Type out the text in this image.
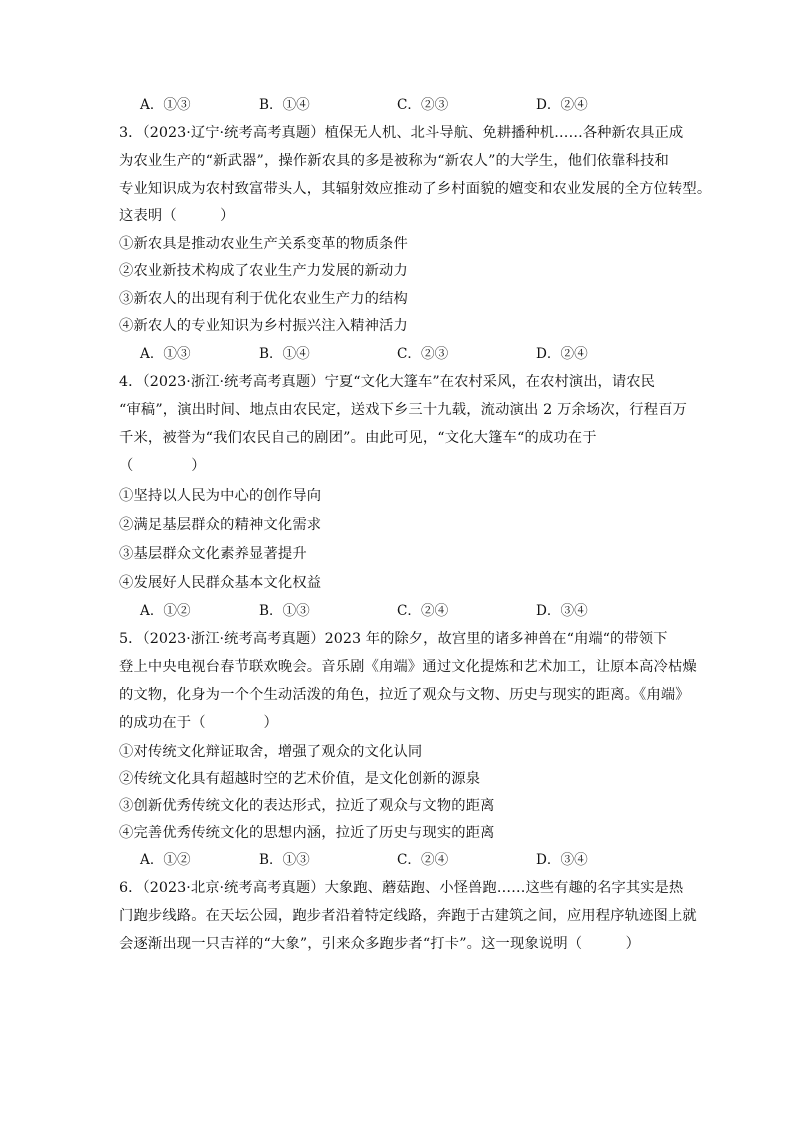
A．①③	B．①④	C．②③	D．②④
3．（2023·辽宁·统考高考真题）植保无人机、北斗导航、免耕播种机……各种新农具正成
为农业生产的“新武器”，操作新农具的多是被称为“新农人”的大学生，他们依靠科技和
专业知识成为农村致富带头人，其辐射效应推动了乡村面貌的嬗变和农业发展的全方位转型。
这表明（　　　）
①新农具是推动农业生产关系变革的物质条件
②农业新技术构成了农业生产力发展的新动力
③新农人的出现有利于优化农业生产力的结构
④新农人的专业知识为乡村振兴注入精神活力
A．①③	B．①④	C．②③	D．②④
4．（2023·浙江·统考高考真题）宁夏“文化大篷车”在农村采风，在农村演出，请农民
“审稿”，演出时间、地点由农民定，送戏下乡三十九载，流动演出 2 万余场次，行程百万
千米，被誉为“我们农民自己的剧团”。由此可见，“文化大篷车“的成功在于
（　　　　）
①坚持以人民为中心的创作导向
②满足基层群众的精神文化需求
③基层群众文化素养显著提升
④发展好人民群众基本文化权益
A．①②	B．①③	C．②④	D．③④
5．（2023·浙江·统考高考真题）2023 年的除夕，故宫里的诸多神兽在“甪端“的带领下
登上中央电视台春节联欢晚会。音乐剧《甪端》通过文化提炼和艺术加工，让原本高冷枯燥
的文物，化身为一个个生动活泼的角色，拉近了观众与文物、历史与现实的距离。《甪端》
的成功在于（　　　　）
①对传统文化辩证取舍，增强了观众的文化认同
②传统文化具有超越时空的艺术价值，是文化创新的源泉
③创新优秀传统文化的表达形式，拉近了观众与文物的距离
④完善优秀传统文化的思想内涵，拉近了历史与现实的距离
A．①②	B．①③	C．②④	D．③④
6．（2023·北京·统考高考真题）大象跑、蘑菇跑、小怪兽跑……这些有趣的名字其实是热
门跑步线路。在天坛公园，跑步者沿着特定线路，奔跑于古建筑之间，应用程序轨迹图上就
会逐渐出现一只吉祥的“大象”，引来众多跑步者“打卡”。这一现象说明（　　　）
